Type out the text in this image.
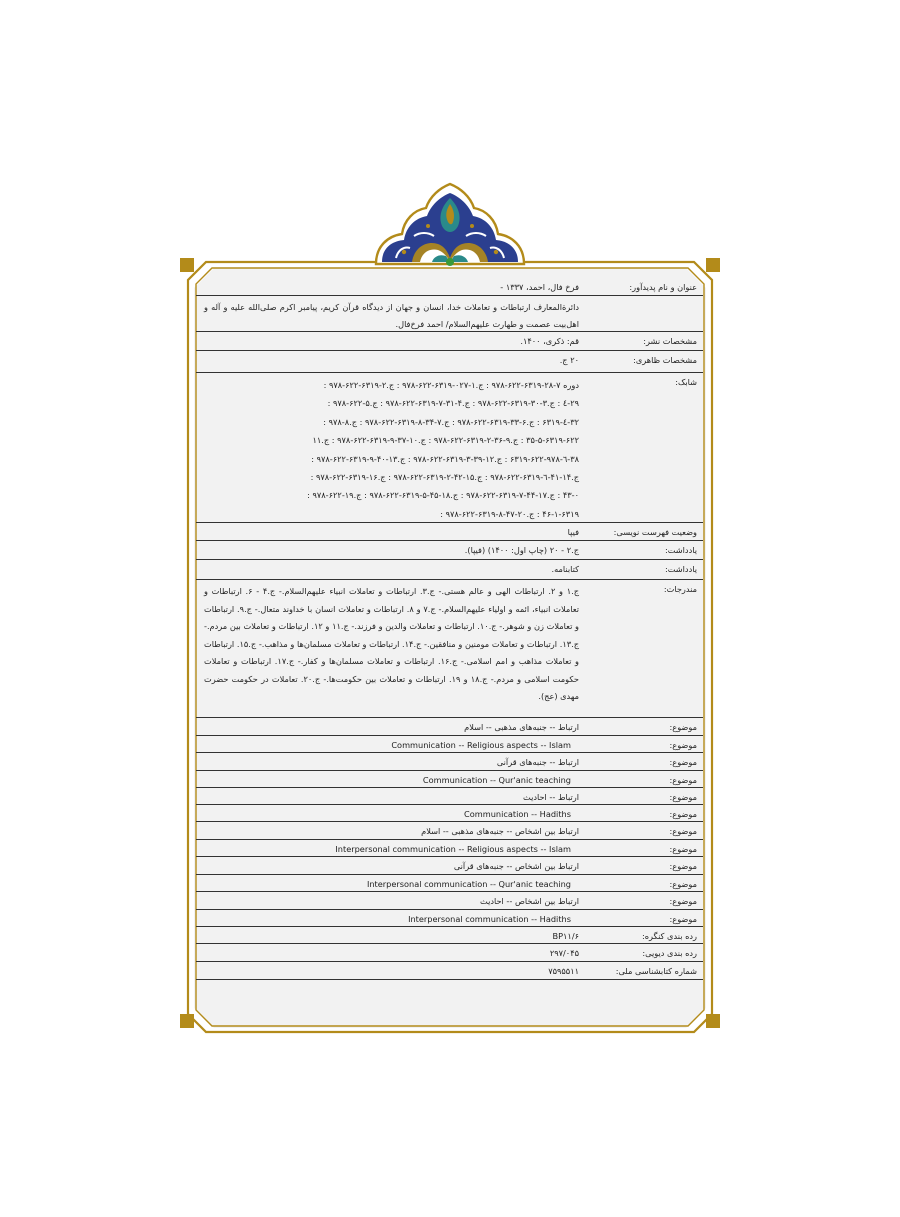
عنوان و نام پدیدآور:
فرخ فال، احمد، ۱۳۳۷ -
دائرةالمعارف ارتباطات و تعاملات خدا، انسان و جهان از دیدگاه قرآن کریم، پیامبر اکرم صلی‌الله علیه و آله و اهل‌بیت عصمت و طهارت علیهم‌السلام/ احمد فرخ‌فال.
مشخصات نشر:
قم: ذکری، ۱۴۰۰.
مشخصات ظاهری:
۲۰ ج.
شابک:
دوره ۷-۲۸-۶۳۱۹-۶۲۲-۹۷۸ : ج.۱-۰۲۷-۶۳۱۹-۶۲۲-۹۷۸ : ج.۲-۶۳۱۹-۶۲۲-۹۷۸ :
۲۹-٤ : ج.۳-۳۰-۶۳۱۹-۶۲۲-۹۷۸ : ج.۴-۳۱-۷-۶۳۱۹-۶۲۲-۹۷۸ : ج.۵-۶۲۲-۹۷۸ :
۳۲-٤-۶۳۱۹ : ج.۶-۳۳-۶۳۱۹-۶۲۲-۹۷۸ : ج.۷-۳۴-۸-۶۳۱۹-۶۲۲-۹۷۸ : ج.۸-۹۷۸ :
۳۵-۵-۶۳۱۹-۶۲۲ : ج.۹-۳۶-۲-۶۳۱۹-۶۲۲-۹۷۸ : ج.۱۰-۳۷-۹-۶۳۱۹-۶۲۲-۹۷۸ : ج.۱۱
۳۸-٦-۶۳۱۹-۶۲۲-۹۷۸ : ج.۱۲-۳۹-۳-۶۳۱۹-۶۲۲-۹۷۸ : ج.۱۳-۴۰-۹-۶۳۱۹-۶۲۲-۹۷۸ :
ج.۱۴-۴۱-٦-۶۳۱۹-۶۲۲-۹۷۸ : ج.۱۵-۴۲-۲-۶۳۱۹-۶۲۲-۹۷۸ : ج.۱۶-۶۳۱۹-۶۲۲-۹۷۸ :
۴۳-۰ : ج.۱۷-۴۴-۷-۶۳۱۹-۶۲۲-۹۷۸ : ج.۱۸-۴۵-۵-۶۳۱۹-۶۲۲-۹۷۸ : ج.۱۹-۶۲۲-۹۷۸ :
۴۶-۱-۶۳۱۹ : ج.۲۰-۴۷-۸-۶۳۱۹-۶۲۲-۹۷۸ :
وضعیت فهرست نویسی:
فیپا
یادداشت:
ج.۲ - ۲۰ (چاپ اول: ۱۴۰۰) (فیپا).
یادداشت:
کتابنامه.
مندرجات:
ج.۱ و ۲. ارتباطات الهی و عالم هستی.- ج.۳. ارتباطات و تعاملات انبیاء علیهم‌السلام.- ج.۴ - ۶. ارتباطات و تعاملات انبیاء، ائمه و اولیاء علیهم‌السلام.- ج.۷ و ۸. ارتباطات و تعاملات انسان با خداوند متعال.- ج.۹. ارتباطات و تعاملات زن و شوهر.- ج.۱۰. ارتباطات و تعاملات والدین و فرزند.- ج.۱۱ و ۱۲. ارتباطات و تعاملات بین مردم.- ج.۱۳. ارتباطات و تعاملات مومنین و منافقین.- ج.۱۴. ارتباطات و تعاملات مسلمان‌ها و مذاهب.- ج.۱۵. ارتباطات و تعاملات مذاهب و امم اسلامی.- ج.۱۶. ارتباطات و تعاملات مسلمان‌ها و کفار.- ج.۱۷. ارتباطات و تعاملات حکومت اسلامی و مردم.- ج.۱۸ و ۱۹. ارتباطات و تعاملات بین حکومت‌ها.- ج.۲۰. تعاملات در حکومت حضرت مهدی (عج).
موضوع:
ارتباط -- جنبه‌های مذهبی -- اسلام
موضوع:
Communication -- Religious aspects -- Islam
موضوع:
ارتباط -- جنبه‌های قرآنی
موضوع:
Communication -- Qur'anic teaching
موضوع:
ارتباط -- احادیث
موضوع:
Communication -- Hadiths
موضوع:
ارتباط بین اشخاص -- جنبه‌های مذهبی -- اسلام
موضوع:
Interpersonal communication -- Religious aspects -- Islam
موضوع:
ارتباط بین اشخاص -- جنبه‌های قرآنی
موضوع:
Interpersonal communication -- Qur'anic teaching
موضوع:
ارتباط بین اشخاص -- احادیث
موضوع:
Interpersonal communication -- Hadiths
رده بندی کنگره:
BP۱۱/۶
رده بندی دیویی:
۲۹۷/۰۴۵
شماره کتابشناسی ملی:
۷۵۹۵۵۱۱
